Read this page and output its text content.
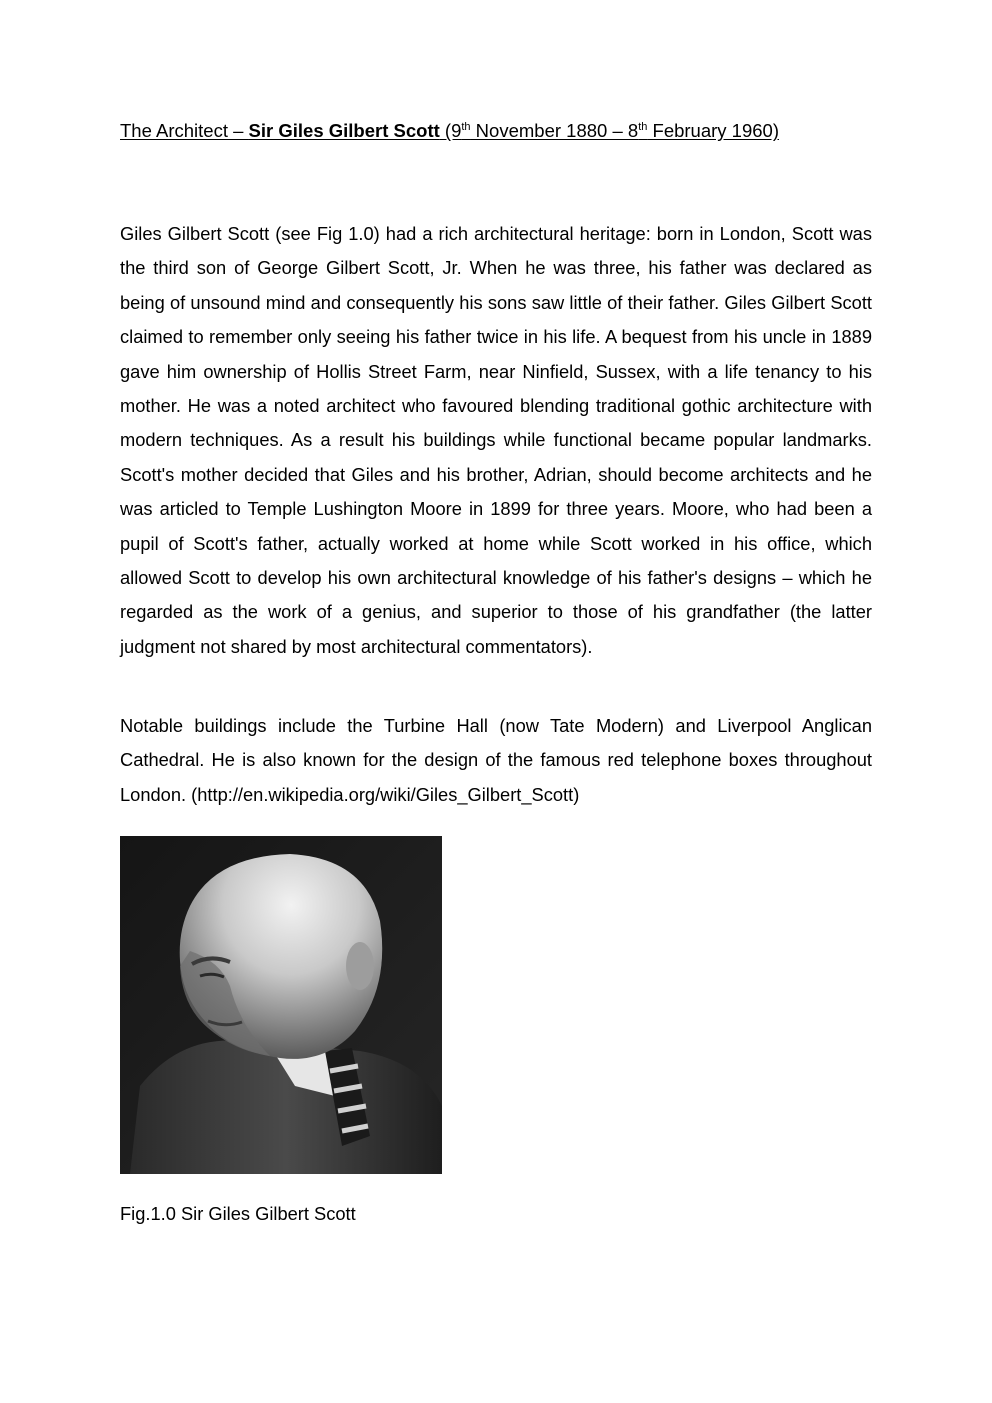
The Architect – Sir Giles Gilbert Scott (9th November 1880 – 8th February 1960)

Giles Gilbert Scott (see Fig 1.0) had a rich architectural heritage: born in London, Scott was the third son of George Gilbert Scott, Jr. When he was three, his father was declared as being of unsound mind and consequently his sons saw little of their father. Giles Gilbert Scott claimed to remember only seeing his father twice in his life. A bequest from his uncle in 1889 gave him ownership of Hollis Street Farm, near Ninfield, Sussex, with a life tenancy to his mother. He was a noted architect who favoured blending traditional gothic architecture with modern techniques. As a result his buildings while functional became popular landmarks. Scott's mother decided that Giles and his brother, Adrian, should become architects and he was articled to Temple Lushington Moore in 1899 for three years. Moore, who had been a pupil of Scott's father, actually worked at home while Scott worked in his office, which allowed Scott to develop his own architectural knowledge of his father's designs – which he regarded as the work of a genius, and superior to those of his grandfather (the latter judgment not shared by most architectural commentators).

Notable buildings include the Turbine Hall (now Tate Modern) and Liverpool Anglican Cathedral. He is also known for the design of the famous red telephone boxes throughout London. (http://en.wikipedia.org/wiki/Giles_Gilbert_Scott)

Fig.1.0 Sir Giles Gilbert Scott
